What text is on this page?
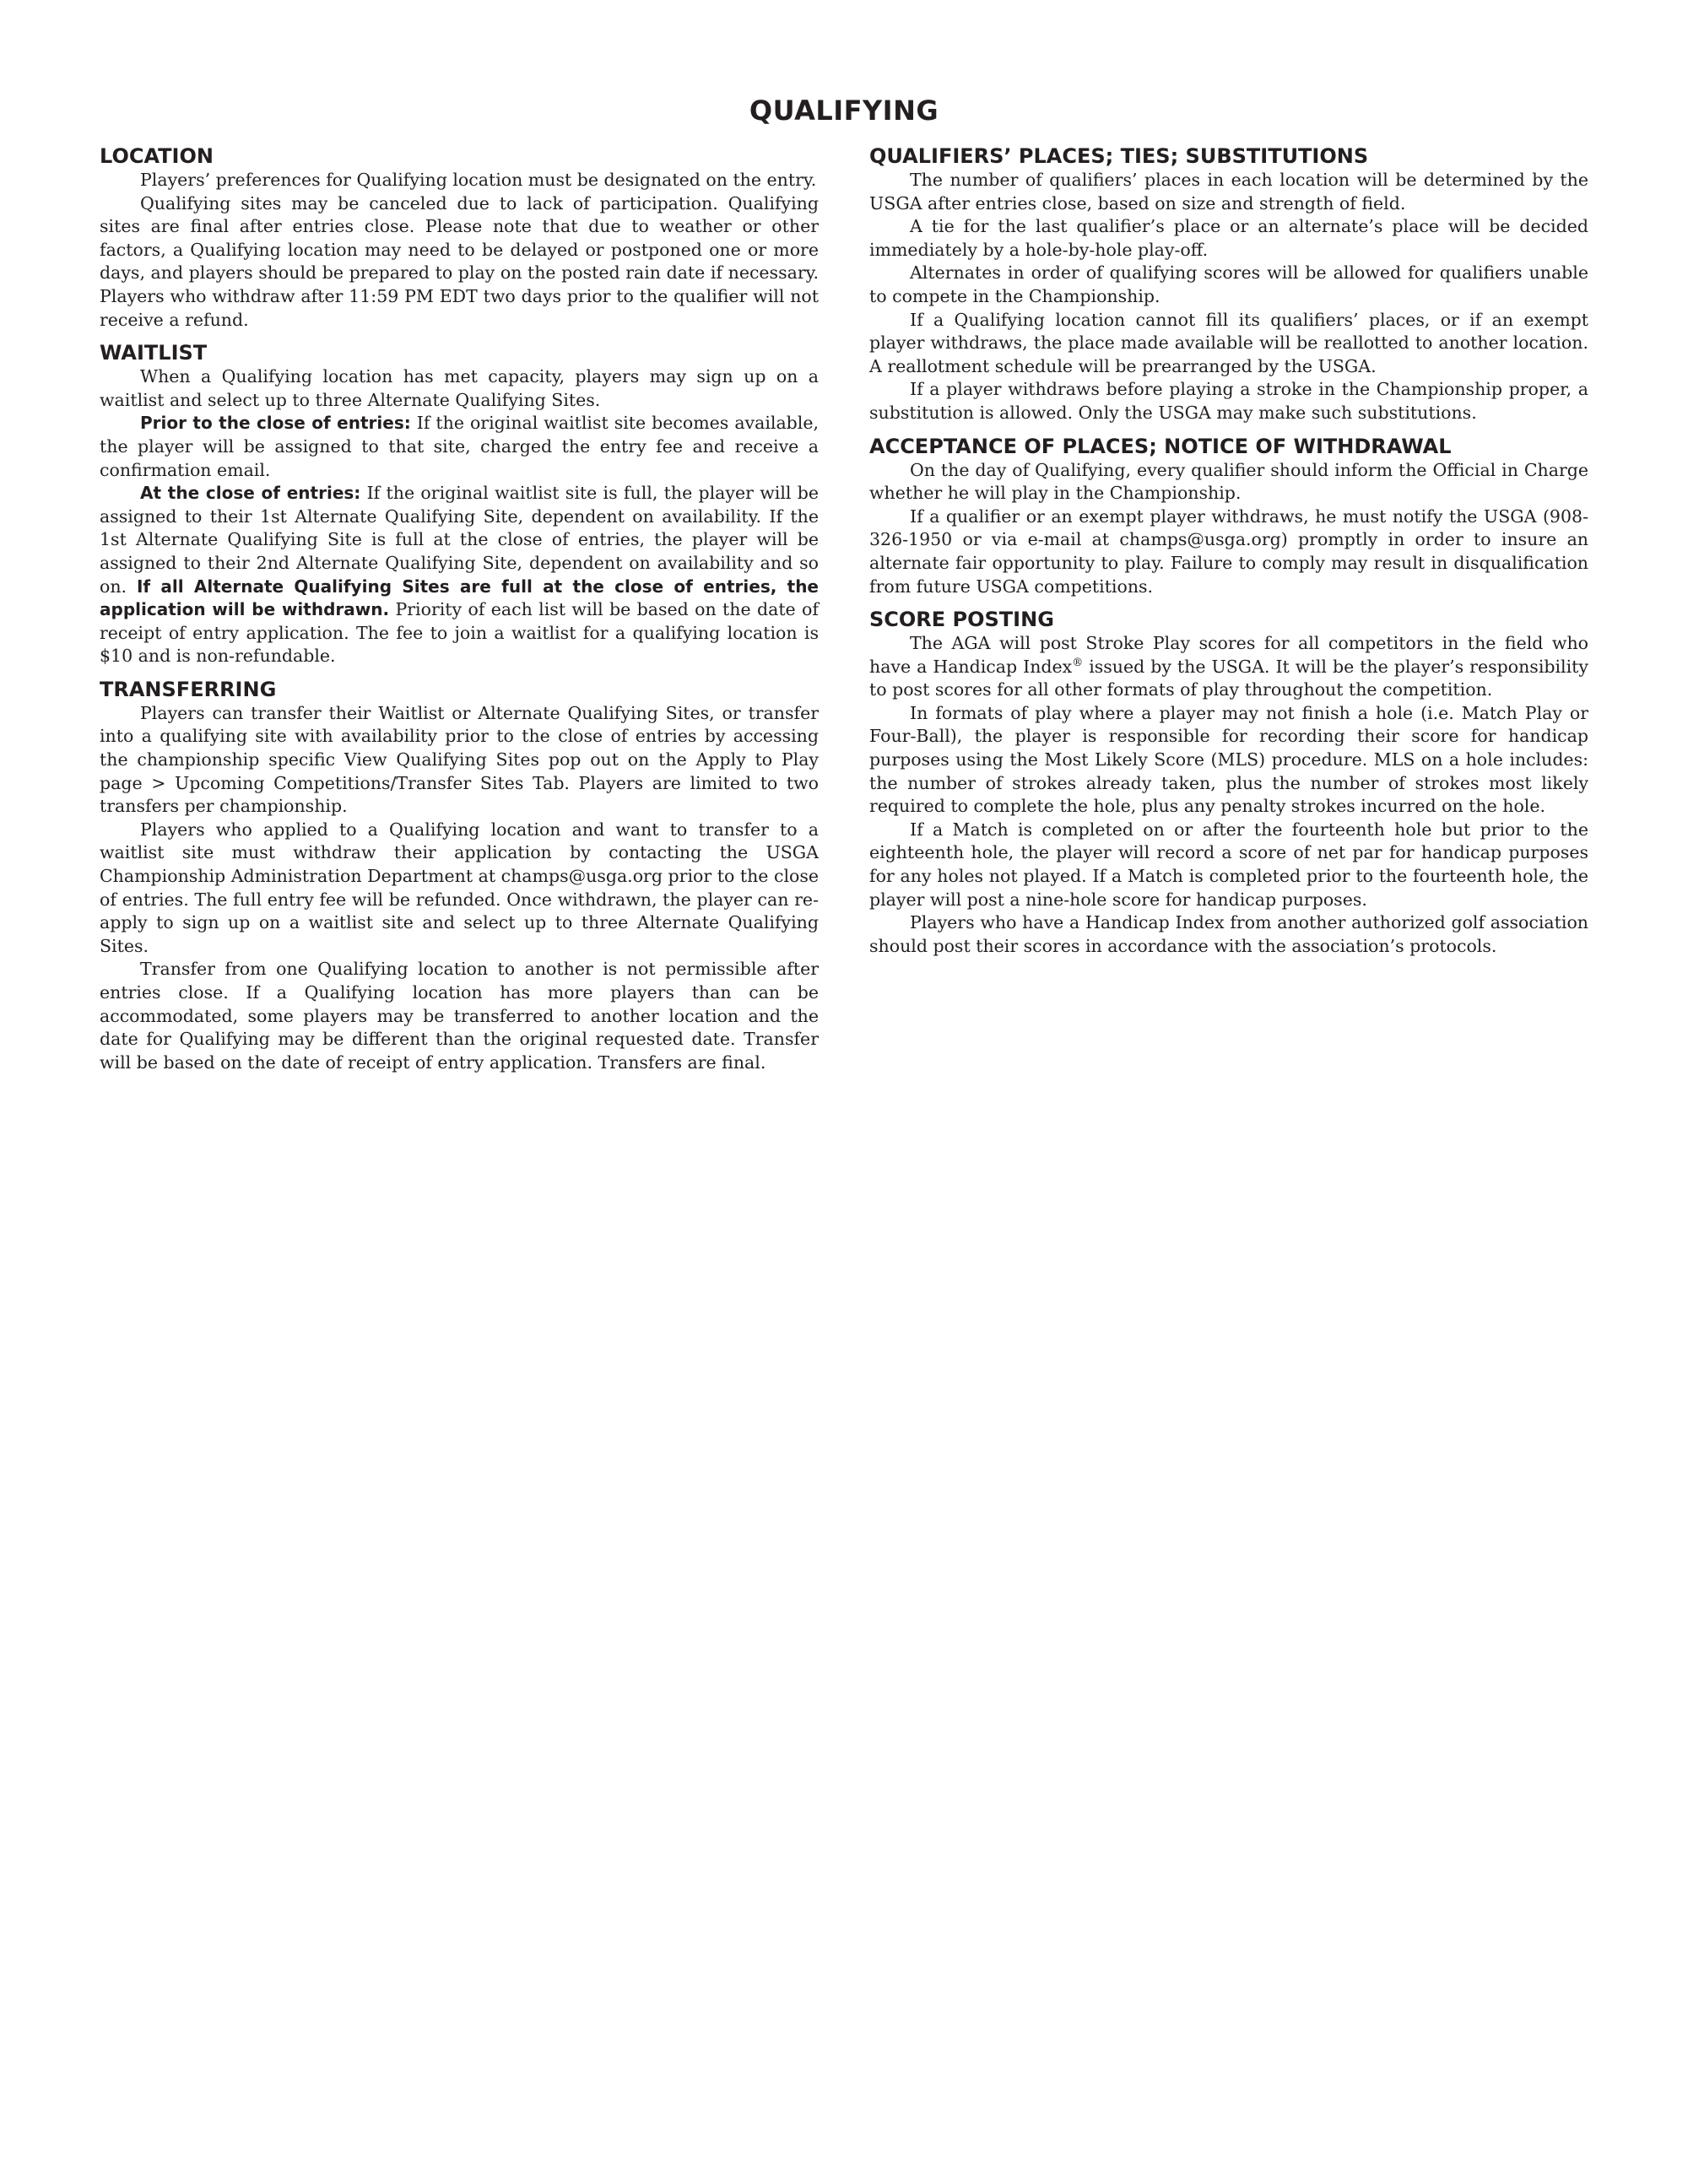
QUALIFYING
LOCATION

Players’ preferences for Qualifying location must be designated on the entry.

Qualifying sites may be canceled due to lack of participation. Qualifying sites are final after entries close. Please note that due to weather or other factors, a Qualifying location may need to be delayed or postponed one or more days, and players should be prepared to play on the posted rain date if necessary. Players who withdraw after 11:59 PM EDT two days prior to the qualifier will not receive a refund.

WAITLIST

When a Qualifying location has met capacity, players may sign up on a waitlist and select up to three Alternate Qualifying Sites.

Prior to the close of entries: If the original waitlist site becomes available, the player will be assigned to that site, charged the entry fee and receive a confirmation email.

At the close of entries: If the original waitlist site is full, the player will be assigned to their 1st Alternate Qualifying Site, dependent on availability. If the 1st Alternate Qualifying Site is full at the close of entries, the player will be assigned to their 2nd Alternate Qualifying Site, dependent on availability and so on. If all Alternate Qualifying Sites are full at the close of entries, the application will be withdrawn. Priority of each list will be based on the date of receipt of entry application. The fee to join a waitlist for a qualifying location is $10 and is non-refundable.

TRANSFERRING

Players can transfer their Waitlist or Alternate Qualifying Sites, or transfer into a qualifying site with availability prior to the close of entries by accessing the championship specific View Qualifying Sites pop out on the Apply to Play page > Upcoming Competitions/Transfer Sites Tab. Players are limited to two transfers per championship.

Players who applied to a Qualifying location and want to transfer to a waitlist site must withdraw their application by contacting the USGA Championship Administration Department at champs@usga.org prior to the close of entries. The full entry fee will be refunded. Once withdrawn, the player can re-apply to sign up on a waitlist site and select up to three Alternate Qualifying Sites.

Transfer from one Qualifying location to another is not permissible after entries close. If a Qualifying location has more players than can be accommodated, some players may be transferred to another location and the date for Qualifying may be different than the original requested date. Transfer will be based on the date of receipt of entry application. Transfers are final.

QUALIFIERS’ PLACES; TIES; SUBSTITUTIONS

The number of qualifiers’ places in each location will be determined by the USGA after entries close, based on size and strength of field.

A tie for the last qualifier’s place or an alternate’s place will be decided immediately by a hole-by-hole play-off.

Alternates in order of qualifying scores will be allowed for qualifiers unable to compete in the Championship.

If a Qualifying location cannot fill its qualifiers’ places, or if an exempt player withdraws, the place made available will be reallotted to another location. A reallotment schedule will be prearranged by the USGA.

If a player withdraws before playing a stroke in the Championship proper, a substitution is allowed. Only the USGA may make such substitutions.

ACCEPTANCE OF PLACES; NOTICE OF WITHDRAWAL

On the day of Qualifying, every qualifier should inform the Official in Charge whether he will play in the Championship.

If a qualifier or an exempt player withdraws, he must notify the USGA (908-326-1950 or via e-mail at champs@usga.org) promptly in order to insure an alternate fair opportunity to play. Failure to comply may result in disqualification from future USGA competitions.

SCORE POSTING

The AGA will post Stroke Play scores for all competitors in the field who have a Handicap Index® issued by the USGA. It will be the player’s responsibility to post scores for all other formats of play throughout the competition.

In formats of play where a player may not finish a hole (i.e. Match Play or Four-Ball), the player is responsible for recording their score for handicap purposes using the Most Likely Score (MLS) procedure. MLS on a hole includes: the number of strokes already taken, plus the number of strokes most likely required to complete the hole, plus any penalty strokes incurred on the hole.

If a Match is completed on or after the fourteenth hole but prior to the eighteenth hole, the player will record a score of net par for handicap purposes for any holes not played. If a Match is completed prior to the fourteenth hole, the player will post a nine-hole score for handicap purposes.

Players who have a Handicap Index from another authorized golf association should post their scores in accordance with the association’s protocols.
